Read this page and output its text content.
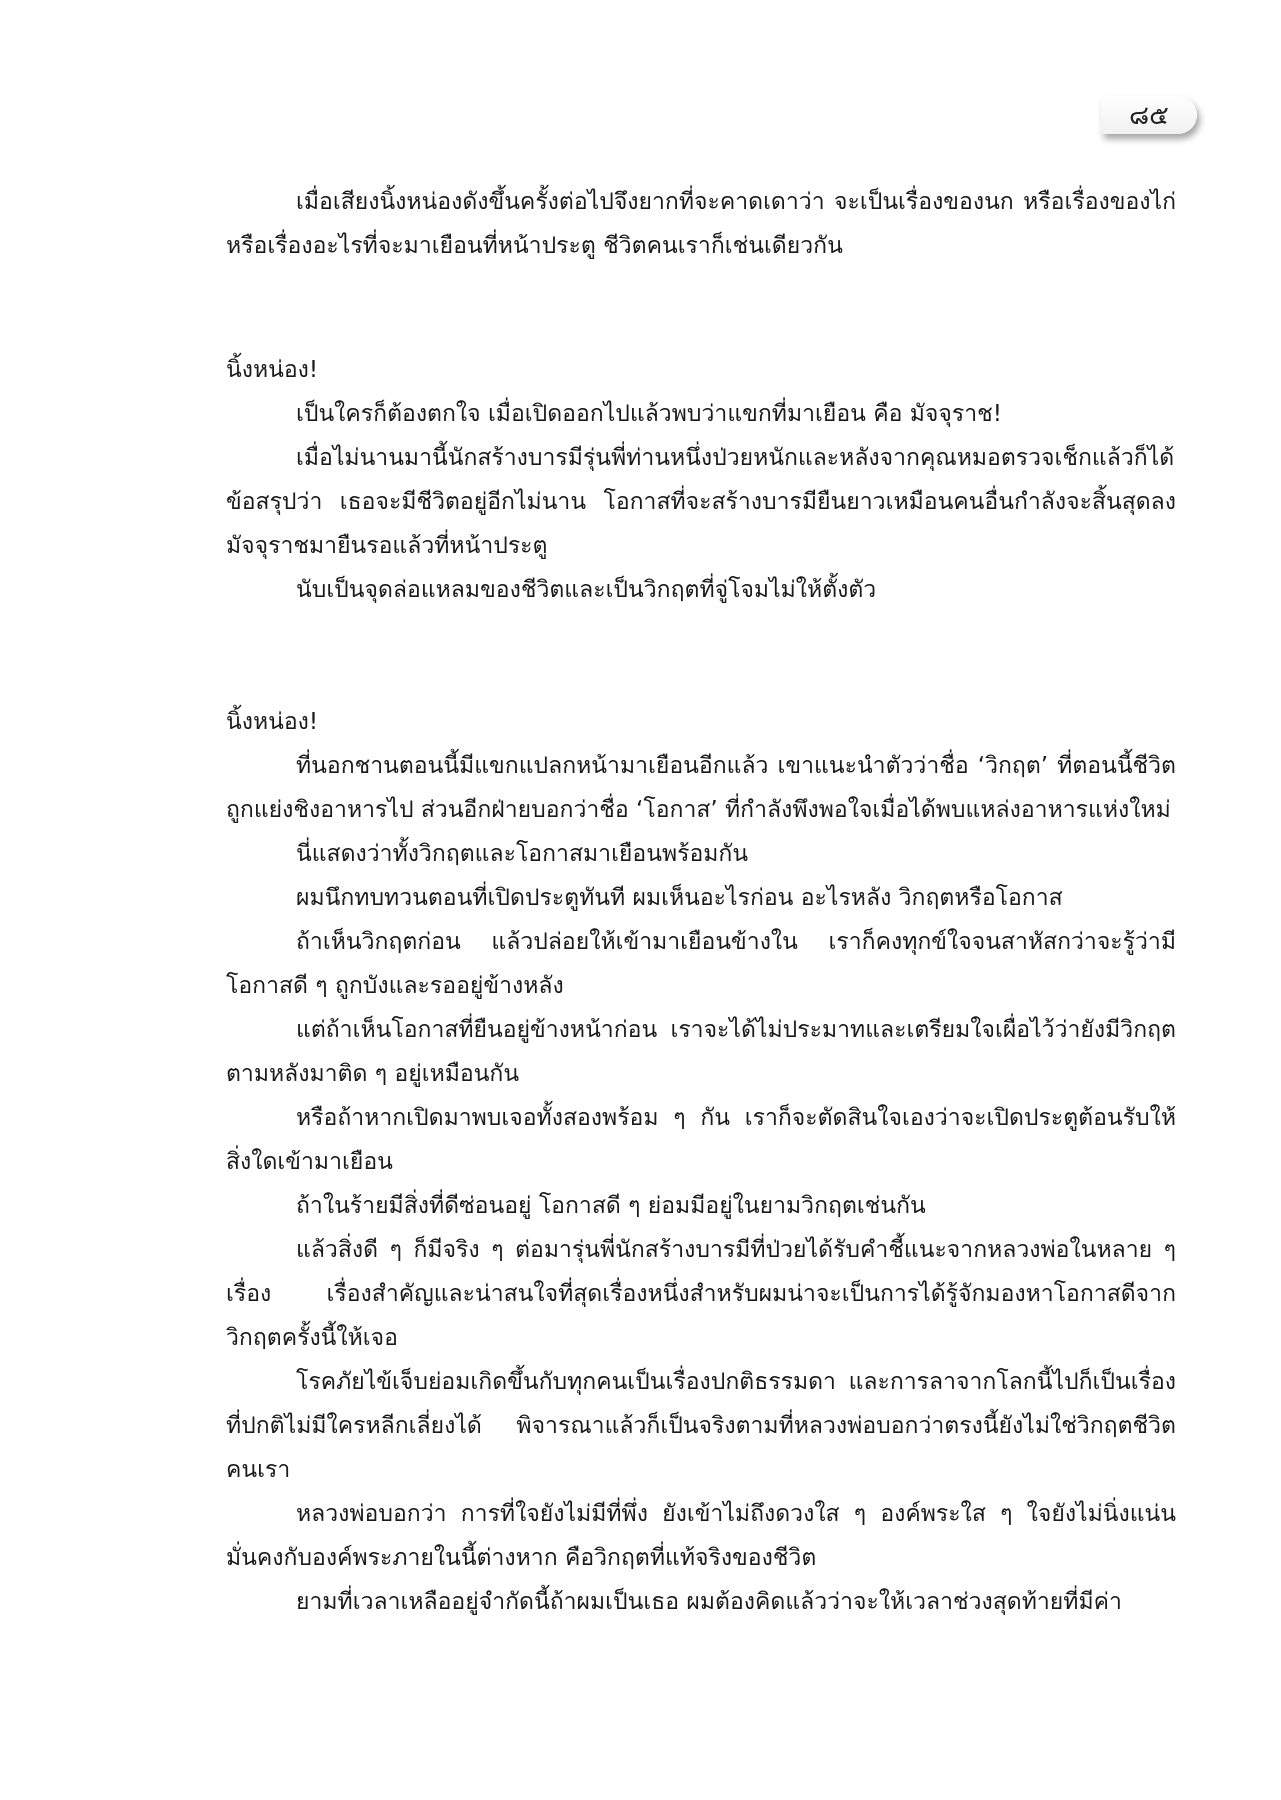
๘๕

เมื่อเสียงนิ้งหน่องดังขึ้นครั้งต่อไปจึงยากที่จะคาดเดาว่า จะเป็นเรื่องของนก หรือเรื่องของไก่ หรือเรื่องอะไรที่จะมาเยือนที่หน้าประตู ชีวิตคนเราก็เช่นเดียวกัน

นิ้งหน่อง!

เป็นใครก็ต้องตกใจ เมื่อเปิดออกไปแล้วพบว่าแขกที่มาเยือน คือ มัจจุราช!

เมื่อไม่นานมานี้นักสร้างบารมีรุ่นพี่ท่านหนึ่งป่วยหนักและหลังจากคุณหมอตรวจเช็กแล้วก็ได้ข้อสรุปว่า เธอจะมีชีวิตอยู่อีกไม่นาน โอกาสที่จะสร้างบารมียืนยาวเหมือนคนอื่นกำลังจะสิ้นสุดลง มัจจุราชมายืนรอแล้วที่หน้าประตู

นับเป็นจุดล่อแหลมของชีวิตและเป็นวิกฤตที่จู่โจมไม่ให้ตั้งตัว

นิ้งหน่อง!

ที่นอกชานตอนนี้มีแขกแปลกหน้ามาเยือนอีกแล้ว เขาแนะนำตัวว่าชื่อ ‘วิกฤต’ ที่ตอนนี้ชีวิตถูกแย่งชิงอาหารไป ส่วนอีกฝ่ายบอกว่าชื่อ ‘โอกาส’ ที่กำลังพึงพอใจเมื่อได้พบแหล่งอาหารแห่งใหม่

นี่แสดงว่าทั้งวิกฤตและโอกาสมาเยือนพร้อมกัน

ผมนึกทบทวนตอนที่เปิดประตูทันที ผมเห็นอะไรก่อน อะไรหลัง วิกฤตหรือโอกาส

ถ้าเห็นวิกฤตก่อน แล้วปล่อยให้เข้ามาเยือนข้างใน เราก็คงทุกข์ใจจนสาหัสกว่าจะรู้ว่ามีโอกาสดี ๆ ถูกบังและรออยู่ข้างหลัง

แต่ถ้าเห็นโอกาสที่ยืนอยู่ข้างหน้าก่อน เราจะได้ไม่ประมาทและเตรียมใจเผื่อไว้ว่ายังมีวิกฤตตามหลังมาติด ๆ อยู่เหมือนกัน

หรือถ้าหากเปิดมาพบเจอทั้งสองพร้อม ๆ กัน เราก็จะตัดสินใจเองว่าจะเปิดประตูต้อนรับให้สิ่งใดเข้ามาเยือน

ถ้าในร้ายมีสิ่งที่ดีซ่อนอยู่ โอกาสดี ๆ ย่อมมีอยู่ในยามวิกฤตเช่นกัน

แล้วสิ่งดี ๆ ก็มีจริง ๆ ต่อมารุ่นพี่นักสร้างบารมีที่ป่วยได้รับคำชี้แนะจากหลวงพ่อในหลาย ๆ เรื่อง เรื่องสำคัญและน่าสนใจที่สุดเรื่องหนึ่งสำหรับผมน่าจะเป็นการได้รู้จักมองหาโอกาสดีจากวิกฤตครั้งนี้ให้เจอ

โรคภัยไข้เจ็บย่อมเกิดขึ้นกับทุกคนเป็นเรื่องปกติธรรมดา และการลาจากโลกนี้ไปก็เป็นเรื่องที่ปกติไม่มีใครหลีกเลี่ยงได้ พิจารณาแล้วก็เป็นจริงตามที่หลวงพ่อบอกว่าตรงนี้ยังไม่ใช่วิกฤตชีวิตคนเรา

หลวงพ่อบอกว่า การที่ใจยังไม่มีที่พึ่ง ยังเข้าไม่ถึงดวงใส ๆ องค์พระใส ๆ ใจยังไม่นิ่งแน่นมั่นคงกับองค์พระภายในนี้ต่างหาก คือวิกฤตที่แท้จริงของชีวิต

ยามที่เวลาเหลืออยู่จำกัดนี้ถ้าผมเป็นเธอ ผมต้องคิดแล้วว่าจะให้เวลาช่วงสุดท้ายที่มีค่า
